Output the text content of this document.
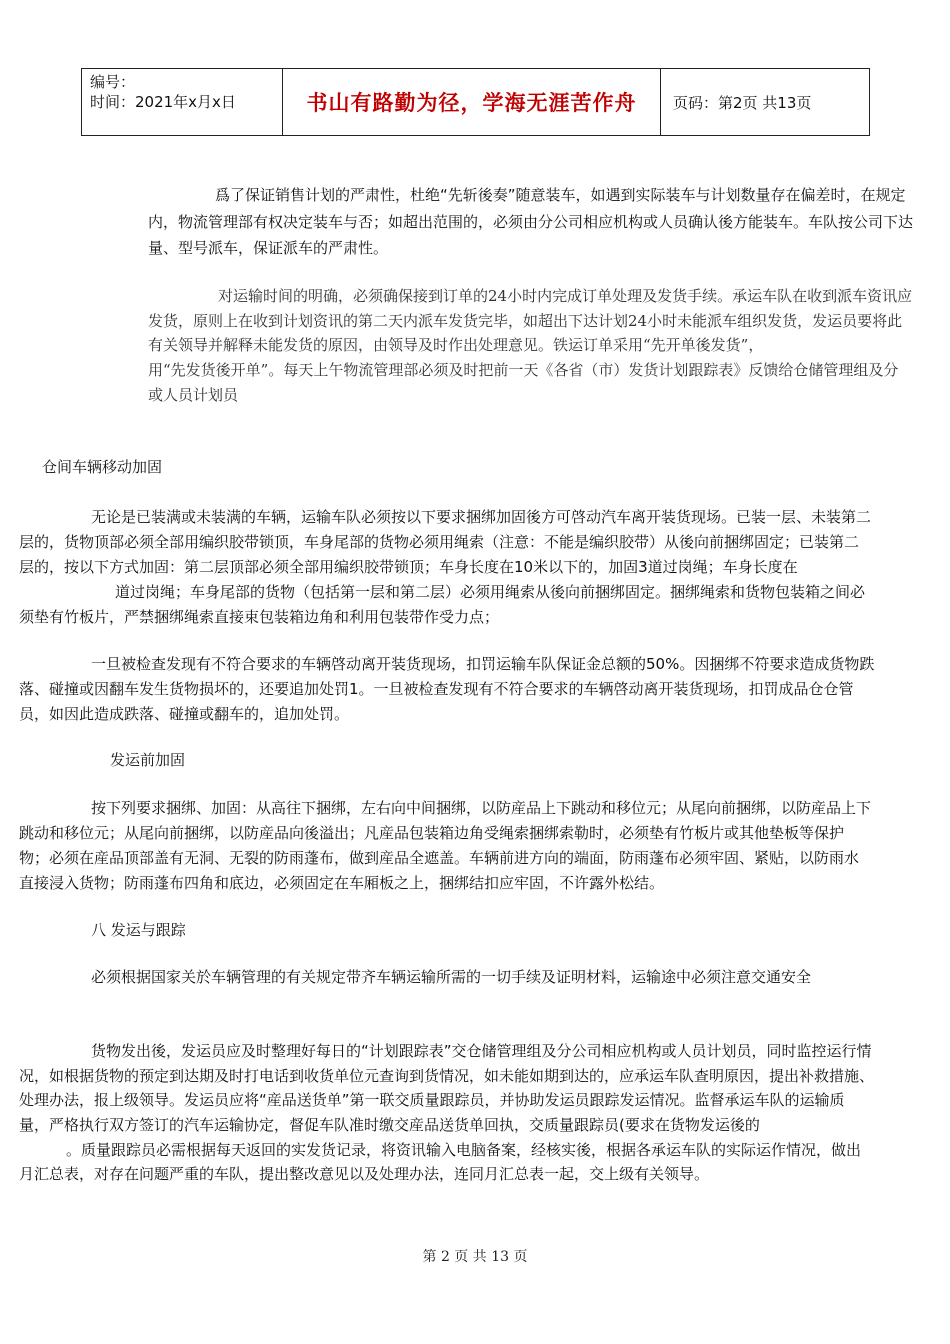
编号：
时间：2021年x月x日	书山有路勤为径，学海无涯苦作舟	页码：第2页 共13页
爲了保证销售计划的严肃性，杜绝“先斩後奏”随意装车，如遇到实际装车与计划数量存在偏差时，在规定
内，物流管理部有权决定装车与否；如超出范围的，必须由分公司相应机构或人员确认後方能装车。车队按公司下达
量、型号派车，保证派车的严肃性。
对运输时间的明确，必须确保接到订单的24小时内完成订单处理及发货手续。承运车队在收到派车资讯应
发货，原则上在收到计划资讯的第二天内派车发货完毕，如超出下达计划24小时未能派车组织发货，发运员要将此
有关领导并解释未能发货的原因，由领导及时作出处理意见。铁运订单采用“先开单後发货”，
用“先发货後开单”。每天上午物流管理部必须及时把前一天《各省（市）发货计划跟踪表》反馈给仓储管理组及分
或人员计划员
仓间车辆移动加固
无论是已装满或未装满的车辆，运输车队必须按以下要求捆绑加固後方可啓动汽车离开装货现场。已装一层、未装第二
层的，货物顶部必须全部用编织胶带锁顶，车身尾部的货物必须用绳索（注意：不能是编织胶带）从後向前捆绑固定；已装第二
层的，按以下方式加固：第二层顶部必须全部用编织胶带锁顶；车身长度在10米以下的，加固3道过岗绳；车身长度在
道过岗绳；车身尾部的货物（包括第一层和第二层）必须用绳索从後向前捆绑固定。捆绑绳索和货物包装箱之间必
须垫有竹板片，严禁捆绑绳索直接束包装箱边角和利用包装带作受力点；
一旦被检查发现有不符合要求的车辆啓动离开装货现场，扣罚运输车队保证金总额的50%。因捆绑不符要求造成货物跌
落、碰撞或因翻车发生货物损坏的，还要追加处罚1。一旦被检查发现有不符合要求的车辆啓动离开装货现场，扣罚成品仓仓管
员，如因此造成跌落、碰撞或翻车的，追加处罚。
发运前加固
按下列要求捆绑、加固：从高往下捆绑，左右向中间捆绑，以防産品上下跳动和移位元；从尾向前捆绑，以防産品上下
跳动和移位元；从尾向前捆绑，以防産品向後溢出；凡産品包装箱边角受绳索捆绑索勒时，必须垫有竹板片或其他垫板等保护
物；必须在産品顶部盖有无洞、无裂的防雨蓬布，做到産品全遮盖。车辆前进方向的端面，防雨蓬布必须牢固、紧贴，以防雨水
直接浸入货物；防雨蓬布四角和底边，必须固定在车厢板之上，捆绑结扣应牢固，不许露外松结。
八 发运与跟踪
必须根据国家关於车辆管理的有关规定带齐车辆运输所需的一切手续及证明材料，运输途中必须注意交通安全
货物发出後，发运员应及时整理好每日的“计划跟踪表”交仓储管理组及分公司相应机构或人员计划员，同时监控运行情
况，如根据货物的预定到达期及时打电话到收货单位元查询到货情况，如未能如期到达的，应承运车队查明原因，提出补救措施、
处理办法，报上级领导。发运员应将“産品送货单”第一联交质量跟踪员，并协助发运员跟踪发运情况。监督承运车队的运输质
量，严格执行双方签订的汽车运输协定，督促车队准时缴交産品送货单回执，交质量跟踪员(要求在货物发运後的
。质量跟踪员必需根据每天返回的实发货记录，将资讯输入电脑备案，经核实後，根据各承运车队的实际运作情况，做出
月汇总表，对存在问题严重的车队，提出整改意见以及处理办法，连同月汇总表一起，交上级有关领导。
第 2 页 共 13 页
